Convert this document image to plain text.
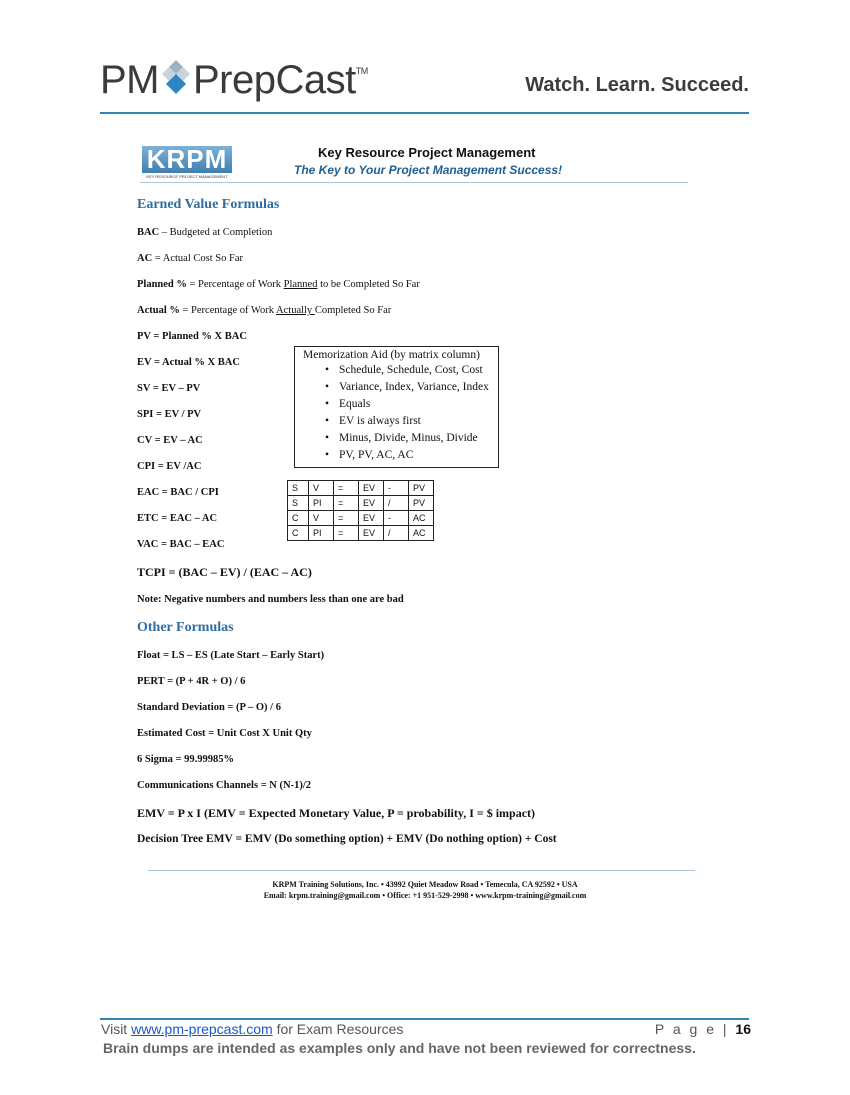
PM PrepCast™
Watch. Learn. Succeed.
KRPM
KEY RESOURCE PROJECT MANAGEMENT
Key Resource Project Management
The Key to Your Project Management Success!
Earned Value Formulas
BAC – Budgeted at Completion
AC = Actual Cost So Far
Planned % = Percentage of Work Planned to be Completed So Far
Actual % = Percentage of Work Actually Completed So Far
PV = Planned % X BAC
EV = Actual % X BAC
SV = EV – PV
SPI = EV / PV
CV = EV – AC
CPI = EV /AC
EAC = BAC / CPI
ETC = EAC – AC
VAC = BAC – EAC
TCPI = (BAC – EV) / (EAC – AC)
Note: Negative numbers and numbers less than one are bad
Memorization Aid (by matrix column)
• Schedule, Schedule, Cost, Cost
• Variance, Index, Variance, Index
• Equals
• EV is always first
• Minus, Divide, Minus, Divide
• PV, PV, AC, AC
S	V	=	EV	-	PV
S	PI	=	EV	/	PV
C	V	=	EV	-	AC
C	PI	=	EV	/	AC
Other Formulas
Float = LS – ES (Late Start – Early Start)
PERT = (P + 4R + O) / 6
Standard Deviation = (P – O) / 6
Estimated Cost = Unit Cost X Unit Qty
6 Sigma = 99.99985%
Communications Channels = N (N-1)/2
EMV = P x I (EMV = Expected Monetary Value, P = probability, I = $ impact)
Decision Tree EMV = EMV (Do something option) + EMV (Do nothing option) + Cost
KRPM Training Solutions, Inc. • 43992 Quiet Meadow Road • Temecula, CA 92592 • USA
Email: krpm.training@gmail.com • Office: +1 951-529-2998 • www.krpm-training@gmail.com
Visit www.pm-prepcast.com for Exam Resources	P a g e | 16
Brain dumps are intended as examples only and have not been reviewed for correctness.
